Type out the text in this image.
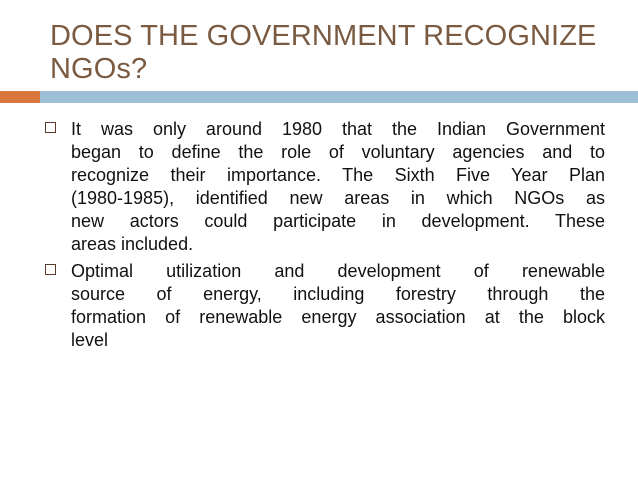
DOES THE GOVERNMENT RECOGNIZE
NGOs?
It was only around 1980 that the Indian Government
began to define the role of voluntary agencies and to
recognize their importance. The Sixth Five Year Plan
(1980-1985), identified new areas in which NGOs as
new actors could participate in development. These
areas included.
Optimal utilization and development of renewable
source of energy, including forestry through the
formation of renewable energy association at the block
level
